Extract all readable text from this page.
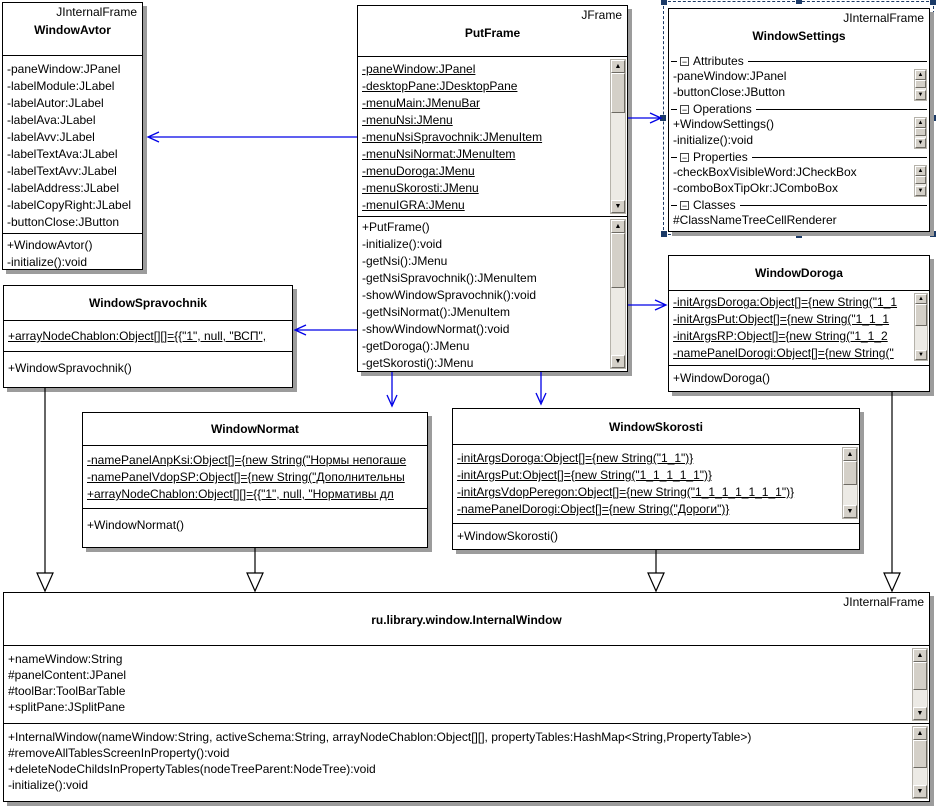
JInternalFrame
WindowAvtor
-paneWindow:JPanel
-labelModule:JLabel
-labelAutor:JLabel
-labelAva:JLabel
-labelAvv:JLabel
-labelTextAva:JLabel
-labelTextAvv:JLabel
-labelAddress:JLabel
-labelCopyRight:JLabel
-buttonClose:JButton
+WindowAvtor()
-initialize():void
JFrame
PutFrame
-paneWindow:JPanel
-desktopPane:JDesktopPane
-menuMain:JMenuBar
-menuNsi:JMenu
-menuNsiSpravochnik:JMenuItem
-menuNsiNormat:JMenuItem
-menuDoroga:JMenu
-menuSkorosti:JMenu
-menuIGRA:JMenu
▲
▼
+PutFrame()
-initialize():void
-getNsi():JMenu
-getNsiSpravochnik():JMenuItem
-showWindowSpravochnik():void
-getNsiNormat():JMenuItem
-showWindowNormat():void
-getDoroga():JMenu
-getSkorosti():JMenu
▲
▼
JInternalFrame
WindowSettings
− Attributes
-paneWindow:JPanel
-buttonClose:JButton
▲
▼
− Operations
+WindowSettings()
-initialize():void
▲
▼
− Properties
-checkBoxVisibleWord:JCheckBox
-comboBoxTipOkr:JComboBox
▲
▼
− Classes
#ClassNameTreeCellRenderer
WindowDoroga
-initArgsDoroga:Object[]={new String("1_1
-initArgsPut:Object[]={new String("1_1_1
-initArgsRP:Object[]={new String("1_1_2
-namePanelDorogi:Object[]={new String("
▲
▼
+WindowDoroga()
WindowSpravochnik
+arrayNodeChablon:Object[][]={{"1", null, "ВСП",
+WindowSpravochnik()
WindowNormat
-namePanelAnpKsi:Object[]={new String("Нормы непогаше
-namePanelVdopSP:Object[]={new String("Дополнительны
+arrayNodeChablon:Object[][]={{"1", null, "Нормативы дл
+WindowNormat()
WindowSkorosti
-initArgsDoroga:Object[]={new String("1_1")}
-initArgsPut:Object[]={new String("1_1_1_1_1")}
-initArgsVdopPeregon:Object[]={new String("1_1_1_1_1_1_1")}
-namePanelDorogi:Object[]={new String("Дороги")}
▲
▼
+WindowSkorosti()
JInternalFrame
ru.library.window.InternalWindow
+nameWindow:String
#panelContent:JPanel
#toolBar:ToolBarTable
+splitPane:JSplitPane
▲
▼
+InternalWindow(nameWindow:String, activeSchema:String, arrayNodeChablon:Object[][], propertyTables:HashMap<String,PropertyTable>)
#removeAllTablesScreenInProperty():void
+deleteNodeChildsInPropertyTables(nodeTreeParent:NodeTree):void
-initialize():void
▲
▼
